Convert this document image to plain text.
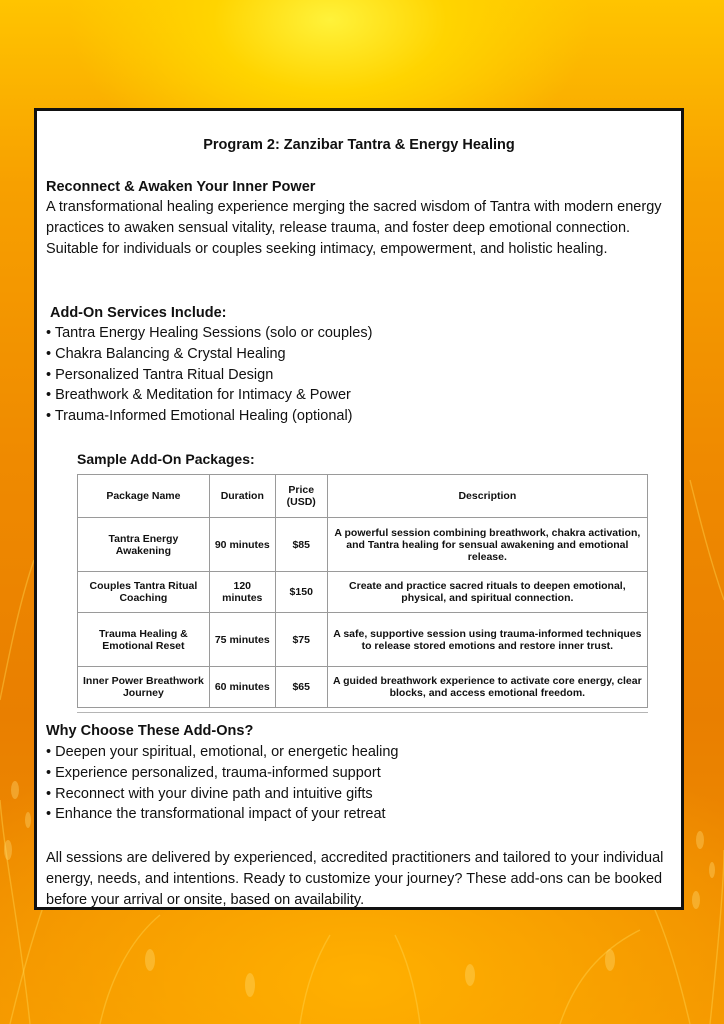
Program 2: Zanzibar Tantra & Energy Healing
Reconnect & Awaken Your Inner Power
A transformational healing experience merging the sacred wisdom of Tantra with modern energy practices to awaken sensual vitality, release trauma, and foster deep emotional connection. Suitable for individuals or couples seeking intimacy, empowerment, and holistic healing.
Add-On Services Include:
• Tantra Energy Healing Sessions (solo or couples)
• Chakra Balancing & Crystal Healing
• Personalized Tantra Ritual Design
• Breathwork & Meditation for Intimacy & Power
• Trauma-Informed Emotional Healing (optional)
Sample Add-On Packages:
Package Name	Duration	Price (USD)	Description
Tantra Energy Awakening	90 minutes	$85	A powerful session combining breathwork, chakra activation, and Tantra healing for sensual awakening and emotional release.
Couples Tantra Ritual Coaching	120 minutes	$150	Create and practice sacred rituals to deepen emotional, physical, and spiritual connection.
Trauma Healing & Emotional Reset	75 minutes	$75	A safe, supportive session using trauma-informed techniques to release stored emotions and restore inner trust.
Inner Power Breathwork Journey	60 minutes	$65	A guided breathwork experience to activate core energy, clear blocks, and access emotional freedom.
Why Choose These Add-Ons?
• Deepen your spiritual, emotional, or energetic healing
• Experience personalized, trauma-informed support
• Reconnect with your divine path and intuitive gifts
• Enhance the transformational impact of your retreat
All sessions are delivered by experienced, accredited practitioners and tailored to your individual energy, needs, and intentions. Ready to customize your journey? These add-ons can be booked before your arrival or onsite, based on availability.
